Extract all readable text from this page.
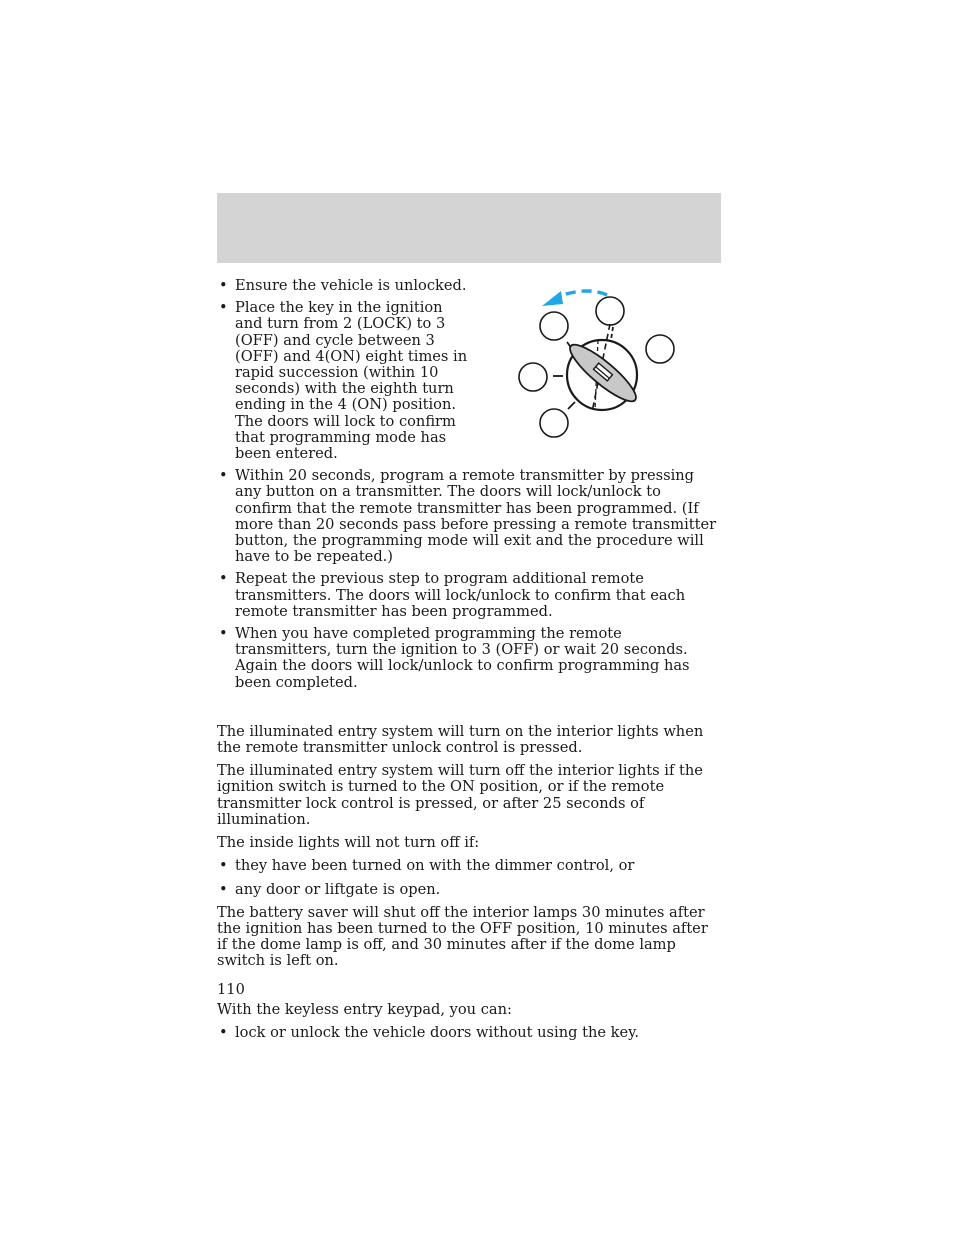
• Ensure the vehicle is unlocked.

• Place the key in the ignition and turn from 2 (LOCK) to 3 (OFF) and cycle between 3 (OFF) and 4(ON) eight times in rapid succession (within 10 seconds) with the eighth turn ending in the 4 (ON) position. The doors will lock to confirm that programming mode has been entered.

• Within 20 seconds, program a remote transmitter by pressing any button on a transmitter. The doors will lock/unlock to confirm that the remote transmitter has been programmed. (If more than 20 seconds pass before pressing a remote transmitter button, the programming mode will exit and the procedure will have to be repeated.)

• Repeat the previous step to program additional remote transmitters. The doors will lock/unlock to confirm that each remote transmitter has been programmed.

• When you have completed programming the remote transmitters, turn the ignition to 3 (OFF) or wait 20 seconds. Again the doors will lock/unlock to confirm programming has been completed.

The illuminated entry system will turn on the interior lights when the remote transmitter unlock control is pressed.

The illuminated entry system will turn off the interior lights if the ignition switch is turned to the ON position, or if the remote transmitter lock control is pressed, or after 25 seconds of illumination.

The inside lights will not turn off if:

• they have been turned on with the dimmer control, or

• any door or liftgate is open.

The battery saver will shut off the interior lamps 30 minutes after the ignition has been turned to the OFF position, 10 minutes after if the dome lamp is off, and 30 minutes after if the dome lamp switch is left on.

With the keyless entry keypad, you can:

• lock or unlock the vehicle doors without using the key.

110
